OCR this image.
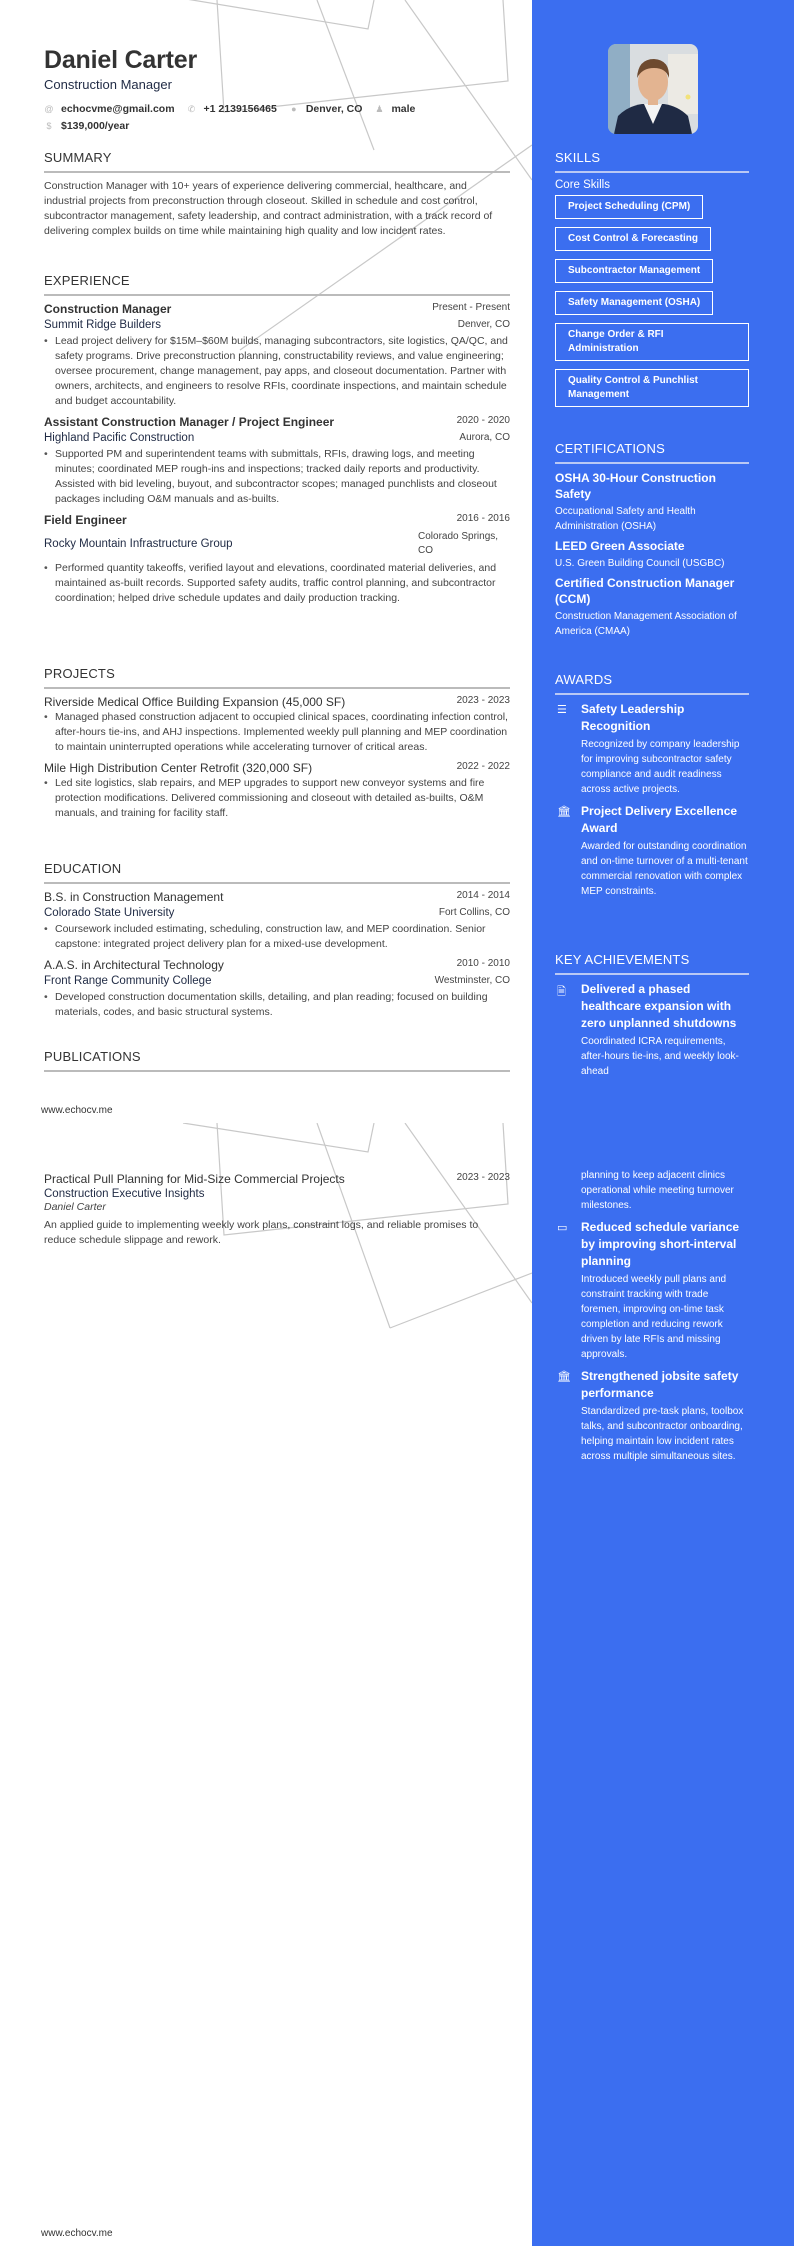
Daniel Carter
Construction Manager
@ echocvme@gmail.com ✆ +1 2139156465 ● Denver, CO ♟ male
$ $139,000/year
SUMMARY

Construction Manager with 10+ years of experience delivering commercial, healthcare, and industrial projects from preconstruction through closeout. Skilled in schedule and cost control, subcontractor management, safety leadership, and contract administration, with a track record of delivering complex builds on time while maintaining high quality and low incident rates.

EXPERIENCE
Construction Manager	Present - Present
Summit Ridge Builders	Denver, CO
• Lead project delivery for $15M–$60M builds, managing subcontractors, site logistics, QA/QC, and safety programs. Drive preconstruction planning, constructability reviews, and value engineering; oversee procurement, change management, pay apps, and closeout documentation. Partner with owners, architects, and engineers to resolve RFIs, coordinate inspections, and maintain schedule and budget accountability.
Assistant Construction Manager / Project Engineer	2020 - 2020
Highland Pacific Construction	Aurora, CO
• Supported PM and superintendent teams with submittals, RFIs, drawing logs, and meeting minutes; coordinated MEP rough-ins and inspections; tracked daily reports and productivity. Assisted with bid leveling, buyout, and subcontractor scopes; managed punchlists and closeout packages including O&M manuals and as-builts.
Field Engineer	2016 - 2016
Rocky Mountain Infrastructure Group
Colorado Springs, CO
• Performed quantity takeoffs, verified layout and elevations, coordinated material deliveries, and maintained as-built records. Supported safety audits, traffic control planning, and subcontractor coordination; helped drive schedule updates and daily production tracking.
PROJECTS
Riverside Medical Office Building Expansion (45,000 SF)	2023 - 2023
• Managed phased construction adjacent to occupied clinical spaces, coordinating infection control, after-hours tie-ins, and AHJ inspections. Implemented weekly pull planning and MEP coordination to maintain uninterrupted operations while accelerating turnover of critical areas.
Mile High Distribution Center Retrofit (320,000 SF)	2022 - 2022
• Led site logistics, slab repairs, and MEP upgrades to support new conveyor systems and fire protection modifications. Delivered commissioning and closeout with detailed as-builts, O&M manuals, and training for facility staff.
EDUCATION
B.S. in Construction Management	2014 - 2014
Colorado State University	Fort Collins, CO
• Coursework included estimating, scheduling, construction law, and MEP coordination. Senior capstone: integrated project delivery plan for a mixed-use development.
A.A.S. in Architectural Technology	2010 - 2010
Front Range Community College	Westminster, CO
• Developed construction documentation skills, detailing, and plan reading; focused on building materials, codes, and basic structural systems.
PUBLICATIONS
www.echocv.me
SKILLS
Core Skills
Project Scheduling (CPM)
Cost Control & Forecasting
Subcontractor Management
Safety Management (OSHA)
Change Order & RFI Administration
Quality Control & Punchlist Management
CERTIFICATIONS
OSHA 30-Hour Construction Safety
Occupational Safety and Health Administration (OSHA)
LEED Green Associate
U.S. Green Building Council (USGBC)
Certified Construction Manager (CCM)
Construction Management Association of America (CMAA)
AWARDS
☰	Safety Leadership Recognition
Recognized by company leadership for improving subcontractor safety compliance and audit readiness across active projects.
🏛 Project Delivery Excellence Award
Awarded for outstanding coordination and on-time turnover of a multi-tenant commercial renovation with complex MEP constraints.
KEY ACHIEVEMENTS
🗎	Delivered a phased healthcare expansion with zero unplanned shutdowns
Coordinated ICRA requirements, after-hours tie-ins, and weekly look-ahead
Practical Pull Planning for Mid-Size Commercial Projects	2023 - 2023
Construction Executive Insights
Daniel Carter

An applied guide to implementing weekly work plans, constraint logs, and reliable promises to reduce schedule slippage and rework.

www.echocv.me
planning to keep adjacent clinics operational while meeting turnover milestones.
▭	Reduced schedule variance by improving short-interval planning
Introduced weekly pull plans and constraint tracking with trade foremen, improving on-time task completion and reducing rework driven by late RFIs and missing approvals.
🏛 Strengthened jobsite safety performance
Standardized pre-task plans, toolbox talks, and subcontractor onboarding, helping maintain low incident rates across multiple simultaneous sites.
